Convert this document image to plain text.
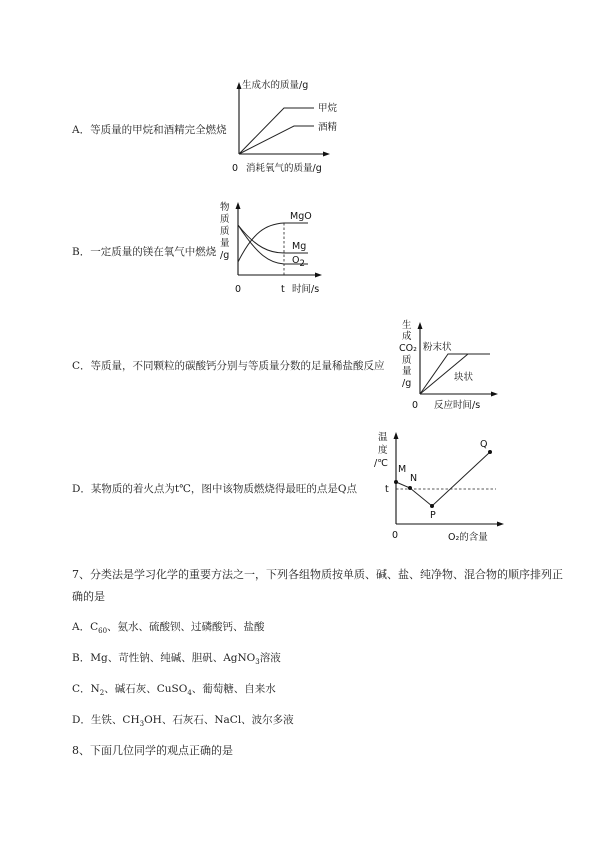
A．等质量的甲烷和酒精完全燃烧
生成水的质量/g
甲烷
酒精
0 消耗氧气的质量/g
B．一定质量的镁在氧气中燃烧
物
质
质
量
/g
MgO
Mg
O2
0	t 时间/s
C．等质量，不同颗粒的碳酸钙分别与等质量分数的足量稀盐酸反应
生
成
CO₂
质
量
/g
粉末状
块状
0 反应时间/s
D．某物质的着火点为t℃，图中该物质燃烧得最旺的点是Q点
温
度
/℃
M
N
P
Q
t
0	O₂的含量
7、分类法是学习化学的重要方法之一，下列各组物质按单质、碱、盐、纯净物、混合物的顺序排列正
确的是
A．$C_{60}$、氨水、硫酸钡、过磷酸钙、盐酸
B．Mg、苛性钠、纯碱、胆矾、AgNO$_3$溶液
C．$N_2$、碱石灰、CuSO$_4$、葡萄糖、自来水
D．生铁、$CH_3OH$、石灰石、NaCl、波尔多液
8、下面几位同学的观点正确的是
